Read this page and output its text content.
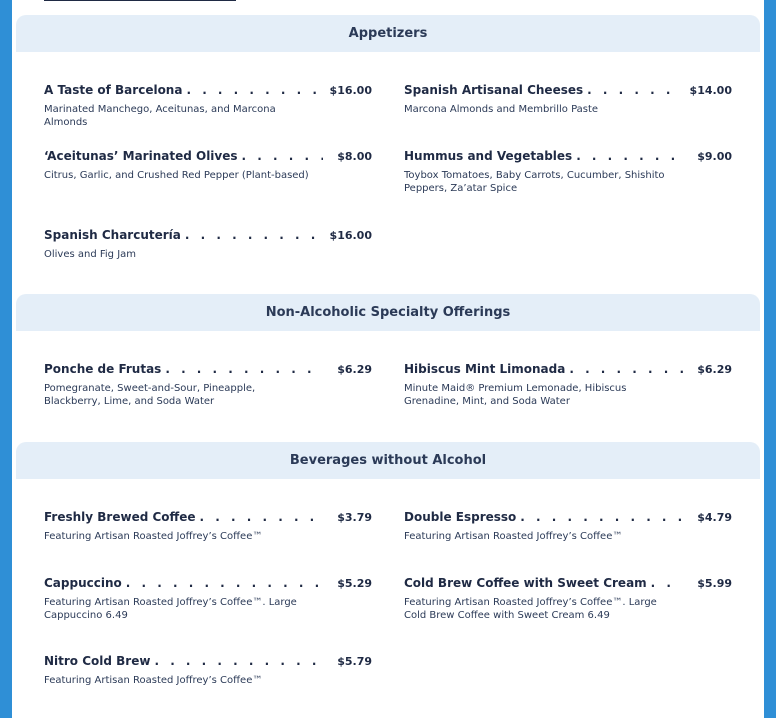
Appetizers
A Taste of Barcelona . . .	$16.00
Marinated Manchego, Aceitunas, and Marcona Almonds
Spanish Artisanal Cheeses . . .	$14.00
Marcona Almonds and Membrillo Paste
‘Aceitunas’ Marinated Olives . . .	$8.00
Citrus, Garlic, and Crushed Red Pepper (Plant-based)
Hummus and Vegetables . . .	$9.00
Toybox Tomatoes, Baby Carrots, Cucumber, Shishito Peppers, Za’atar Spice
Spanish Charcutería . . .	$16.00
Olives and Fig Jam
Non-Alcoholic Specialty Offerings
Ponche de Frutas . . .	$6.29
Pomegranate, Sweet-and-Sour, Pineapple, Blackberry, Lime, and Soda Water
Hibiscus Mint Limonada . . .	$6.29
Minute Maid® Premium Lemonade, Hibiscus Grenadine, Mint, and Soda Water
Beverages without Alcohol
Freshly Brewed Coffee . . .	$3.79
Featuring Artisan Roasted Joffrey’s Coffee™
Double Espresso . . .	$4.79
Featuring Artisan Roasted Joffrey’s Coffee™
Cappuccino . . .	$5.29
Featuring Artisan Roasted Joffrey’s Coffee™. Large Cappuccino 6.49
Cold Brew Coffee with Sweet Cream . . .	$5.99
Featuring Artisan Roasted Joffrey’s Coffee™. Large Cold Brew Coffee with Sweet Cream 6.49
Nitro Cold Brew . . .	$5.79
Featuring Artisan Roasted Joffrey’s Coffee™
